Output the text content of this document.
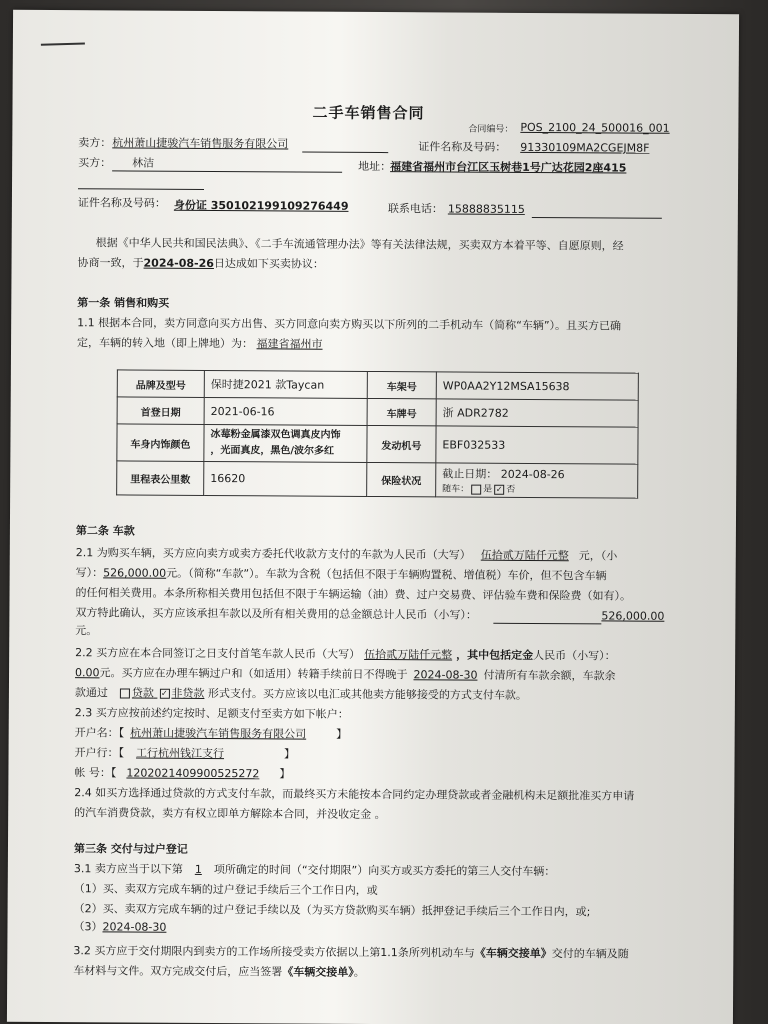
二手车销售合同
合同编号： POS_2100_24_500016_001
卖方： 杭州萧山捷骏汽车销售服务有限公司	证件名称及号码： 91330109MA2CGEJM8F
买方： 林洁	地址：
福建省福州市台江区玉树巷1号广达花园2座415
证件名称及号码： 身份证 350102199109276449	联系电话： 15888835115
根据《中华人民共和国民法典》、《二手车流通管理办法》等有关法律法规，买卖双方本着平等、自愿原则，经
协商一致，于2024-08-26日达成如下买卖协议：
第一条 销售和购买
1.1 根据本合同，卖方同意向买方出售、买方同意向卖方购买以下所列的二手机动车（简称“车辆”）。且买方已确
定，车辆的转入地（即上牌地）为： 福建省福州市
品牌及型号	保时捷2021 款Taycan	车架号	WP0AA2Y12MSA15638
首登日期	2021-06-16	车牌号	浙 ADR2782
车身内饰颜色	冰莓粉金属漆双色调真皮内饰
，光面真皮，黑色/波尔多红	发动机号	EBF032533
里程表公里数	16620	保险状况	截止日期： 2024-08-26
随车： 是 ✓ 否
第二条 车款
2.1 为购买车辆，买方应向卖方或卖方委托代收款方支付的车款为人民币（大写） 伍拾贰万陆仟元整 元，（小
写）：526,000.00元。（简称“车款”）。车款为含税（包括但不限于车辆购置税、增值税）车价，但不包含车辆
的任何相关费用。本条所称相关费用包括但不限于车辆运输（油）费、过户交易费、评估验车费和保险费（如有）。
双方特此确认，买方应该承担车款以及所有相关费用的总金额总计人民币（小写）：	526,000.00
元。
2.2 买方应在本合同签订之日支付首笔车款人民币（大写） 伍拾贰万陆仟元整 ，其中包括定金人民币（小写）：
0.00元。买方应在办理车辆过户和（如适用）转籍手续前日不得晚于 2024-08-30 付清所有车款余额，车款余
款通过 贷款 ✓ 非贷款 形式支付。买方应该以电汇或其他卖方能够接受的方式支付车款。
2.3 买方应按前述约定按时、足额支付至卖方如下帐户：
开户名：【 杭州萧山捷骏汽车销售服务有限公司	】
开户行：【 工行杭州钱江支行	】
帐 号：【 1202021409900525272 】
2.4 如买方选择通过贷款的方式支付车款，而最终买方未能按本合同约定办理贷款或者金融机构未足额批准买方申请
的汽车消费贷款，卖方有权立即单方解除本合同，并没收定金 。
第三条 交付与过户登记
3.1 卖方应当于以下第 1 项所确定的时间（“交付期限”）向买方或买方委托的第三人交付车辆：
（1）买、卖双方完成车辆的过户登记手续后三个工作日内，或
（2）买、卖双方完成车辆的过户登记手续以及（为买方贷款购买车辆）抵押登记手续后三个工作日内，或;
（3）2024-08-30
3.2 买方应于交付期限内到卖方的工作场所接受卖方依据以上第1.1条所列机动车与《车辆交接单》交付的车辆及随
车材料与文件。双方完成交付后，应当签署《车辆交接单》。
